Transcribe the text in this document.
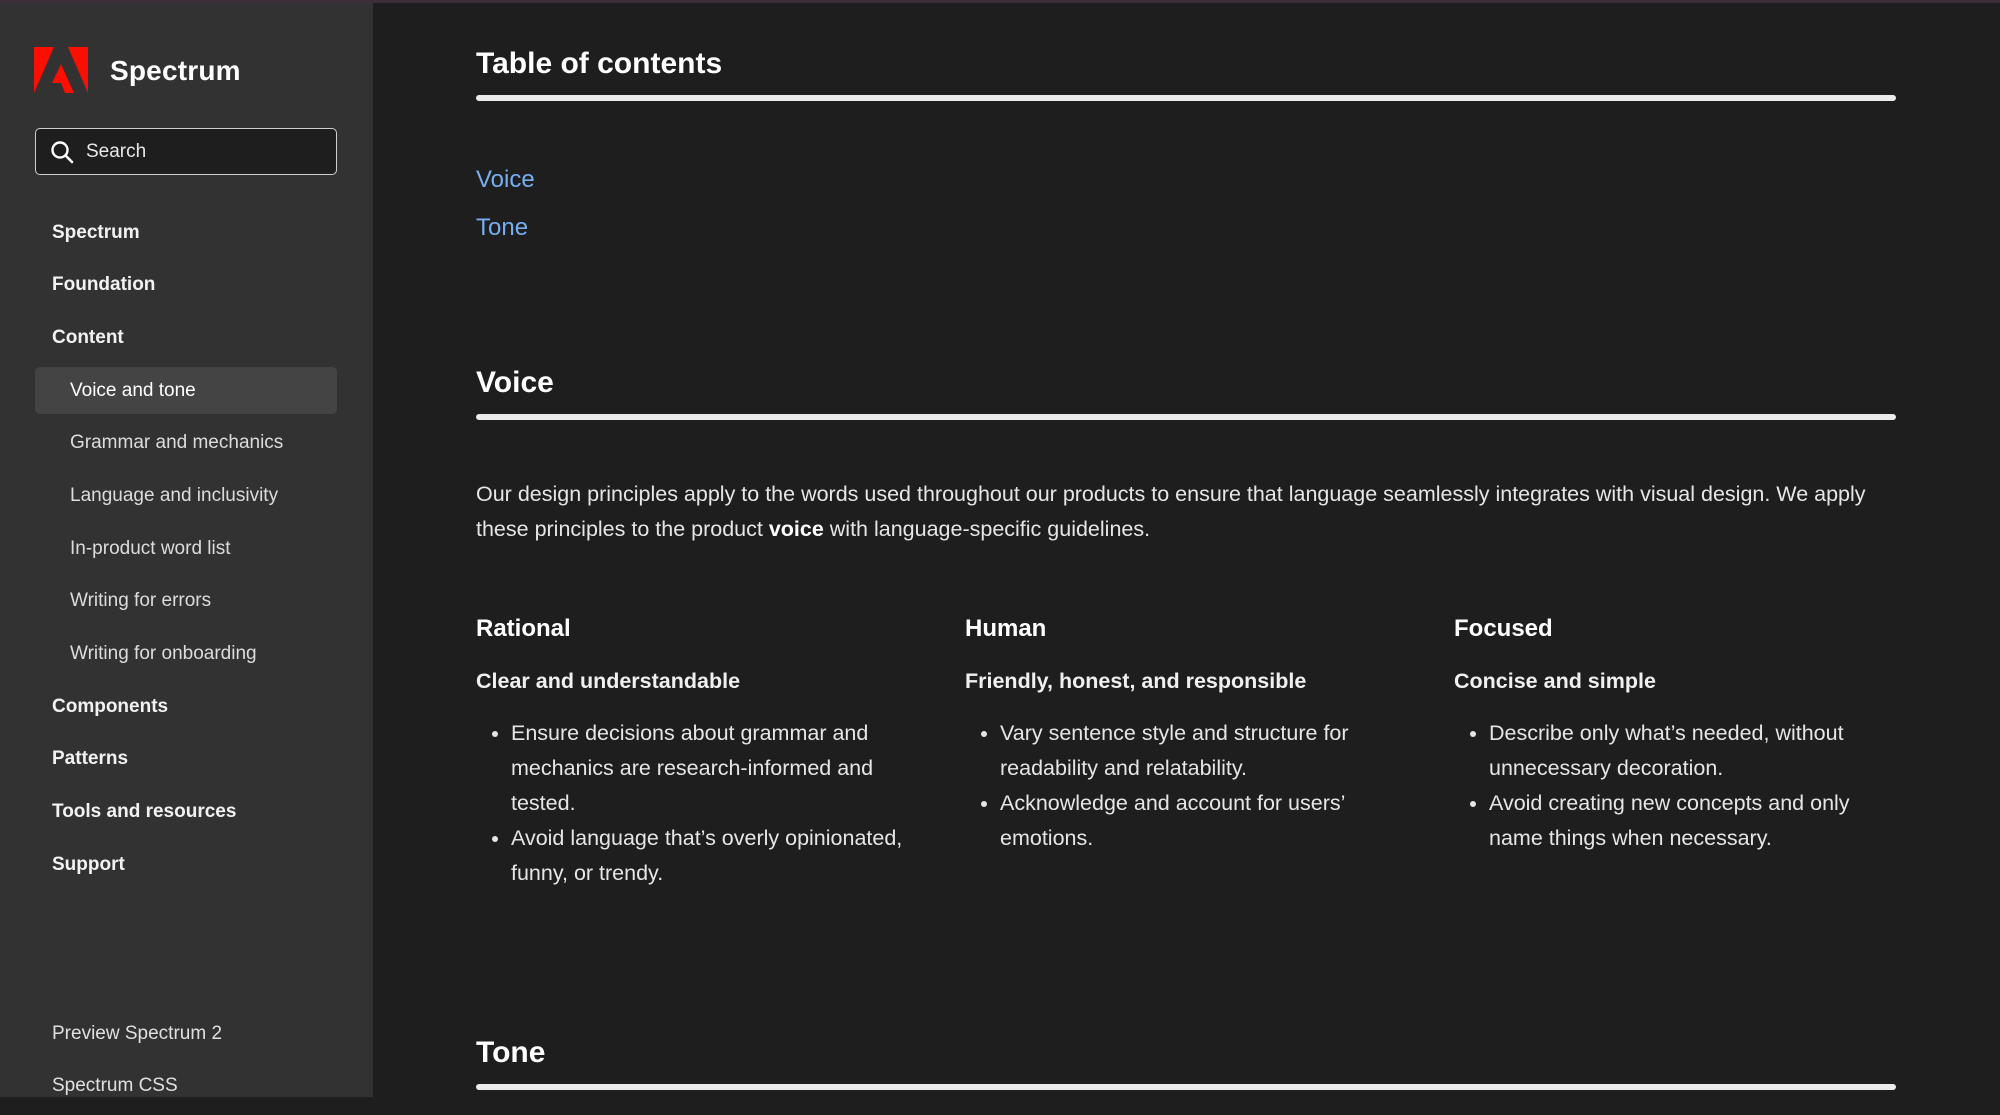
Spectrum
Search
Spectrum
Foundation
Content
Voice and tone
Grammar and mechanics
Language and inclusivity
In-product word list
Writing for errors
Writing for onboarding
Components
Patterns
Tools and resources
Support
Preview Spectrum 2
Spectrum CSS
Table of contents
Voice
Tone
Voice

Our design principles apply to the words used throughout our products to ensure that language seamlessly integrates with visual design. We apply these principles to the product voice with language-specific guidelines.

Rational
Clear and understandable
• Ensure decisions about grammar and mechanics are research-informed and tested.
• Avoid language that’s overly opinionated, funny, or trendy.
Human
Friendly, honest, and responsible
• Vary sentence style and structure for readability and relatability.
• Acknowledge and account for users’ emotions.
Focused
Concise and simple
• Describe only what’s needed, without unnecessary decoration.
• Avoid creating new concepts and only name things when necessary.
Tone
